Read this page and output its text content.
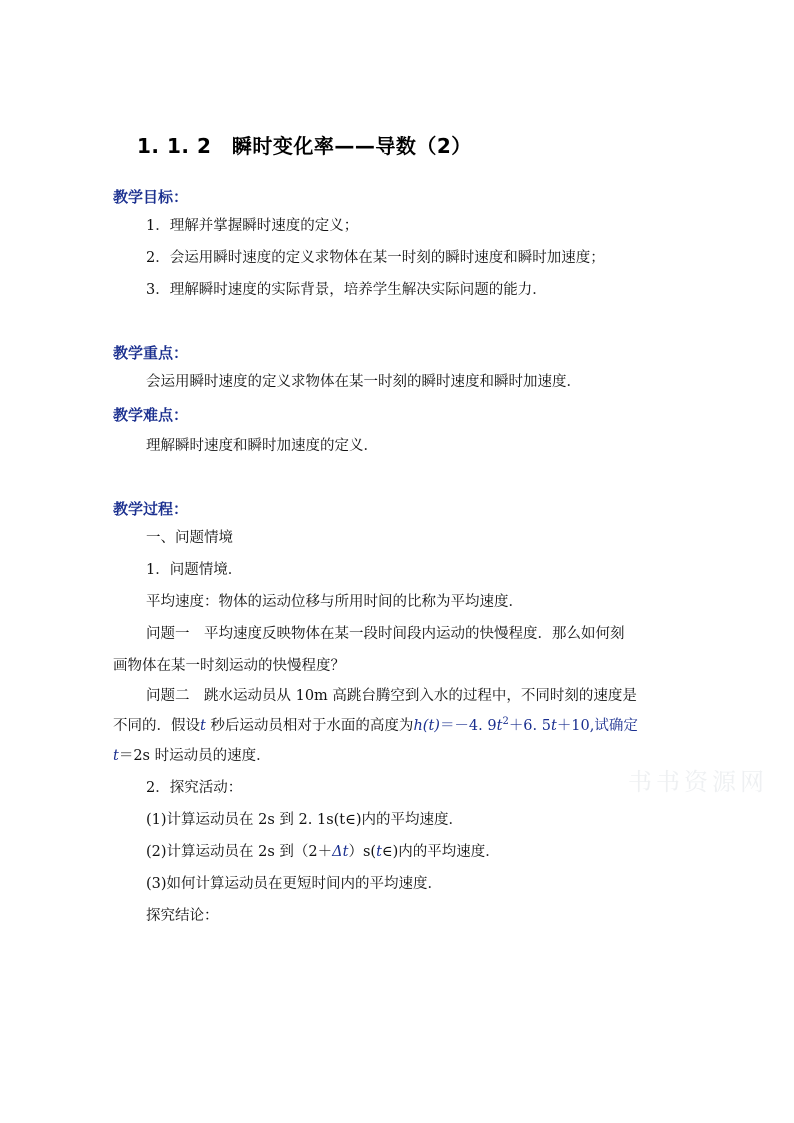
1. 1. 2　瞬时变化率——导数（2）
教学目标：
1．理解并掌握瞬时速度的定义；
2．会运用瞬时速度的定义求物体在某一时刻的瞬时速度和瞬时加速度；
3．理解瞬时速度的实际背景，培养学生解决实际问题的能力．
教学重点：
会运用瞬时速度的定义求物体在某一时刻的瞬时速度和瞬时加速度．
教学难点：
理解瞬时速度和瞬时加速度的定义．
教学过程：
一、问题情境
1．问题情境．
平均速度：物体的运动位移与所用时间的比称为平均速度．
问题一　平均速度反映物体在某一段时间段内运动的快慢程度．那么如何刻
画物体在某一时刻运动的快慢程度？
问题二　跳水运动员从 10m 高跳台腾空到入水的过程中，不同时刻的速度是
不同的．假设t 秒后运动员相对于水面的高度为h(t)＝－4. $9t^2+6$. 5t＋10,试确定
t＝2s 时运动员的速度．
2．探究活动：
(1)计算运动员在 2s 到 2. 1s(t∈)内的平均速度．
(2)计算运动员在 2s 到（2＋Δt）s(t∈)内的平均速度．
(3)如何计算运动员在更短时间内的平均速度．
探究结论：
书书资源网
